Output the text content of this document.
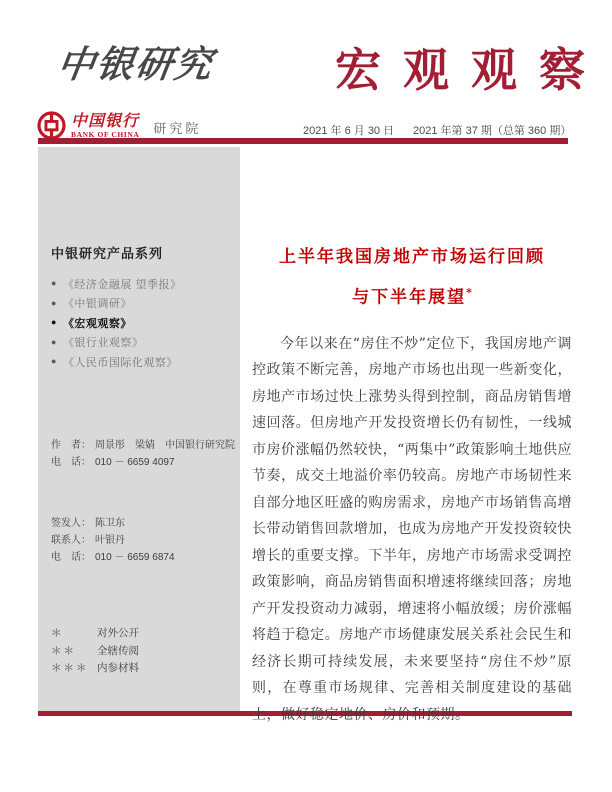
中银研究	宏观观察
中国银行
BANK OF CHINA 研究院	2021 年 6 月 30 日 2021 年第 37 期（总第 360 期）
中银研究产品系列
● 《经济金融展 望季报》
● 《中银调研》
● 《宏观观察》
● 《银行业观察》
● 《人民币国际化观察》
作　者： 周景彤　梁婧　中国银行研究院
电　话： 010 － 6659 4097
签发人： 陈卫东
联系人： 叶银丹
电　话： 010 － 6659 6874
＊	对外公开
＊＊	全辖传阅
＊＊＊ 内参材料
上半年我国房地产市场运行回顾
与下半年展望*

今年以来在“房住不炒”定位下，我国房地产调控政策不断完善，房地产市场也出现一些新变化，房地产市场过快上涨势头得到控制，商品房销售增速回落。但房地产开发投资增长仍有韧性，一线城市房价涨幅仍然较快，“两集中”政策影响土地供应节奏，成交土地溢价率仍较高。房地产市场韧性来自部分地区旺盛的购房需求，房地产市场销售高增长带动销售回款增加，也成为房地产开发投资较快增长的重要支撑。下半年，房地产市场需求受调控政策影响，商品房销售面积增速将继续回落；房地产开发投资动力减弱，增速将小幅放缓；房价涨幅将趋于稳定。房地产市场健康发展关系社会民生和经济长期可持续发展，未来要坚持“房住不炒”原则，在尊重市场规律、完善相关制度建设的基础上，做好稳定地价、房价和预期。
